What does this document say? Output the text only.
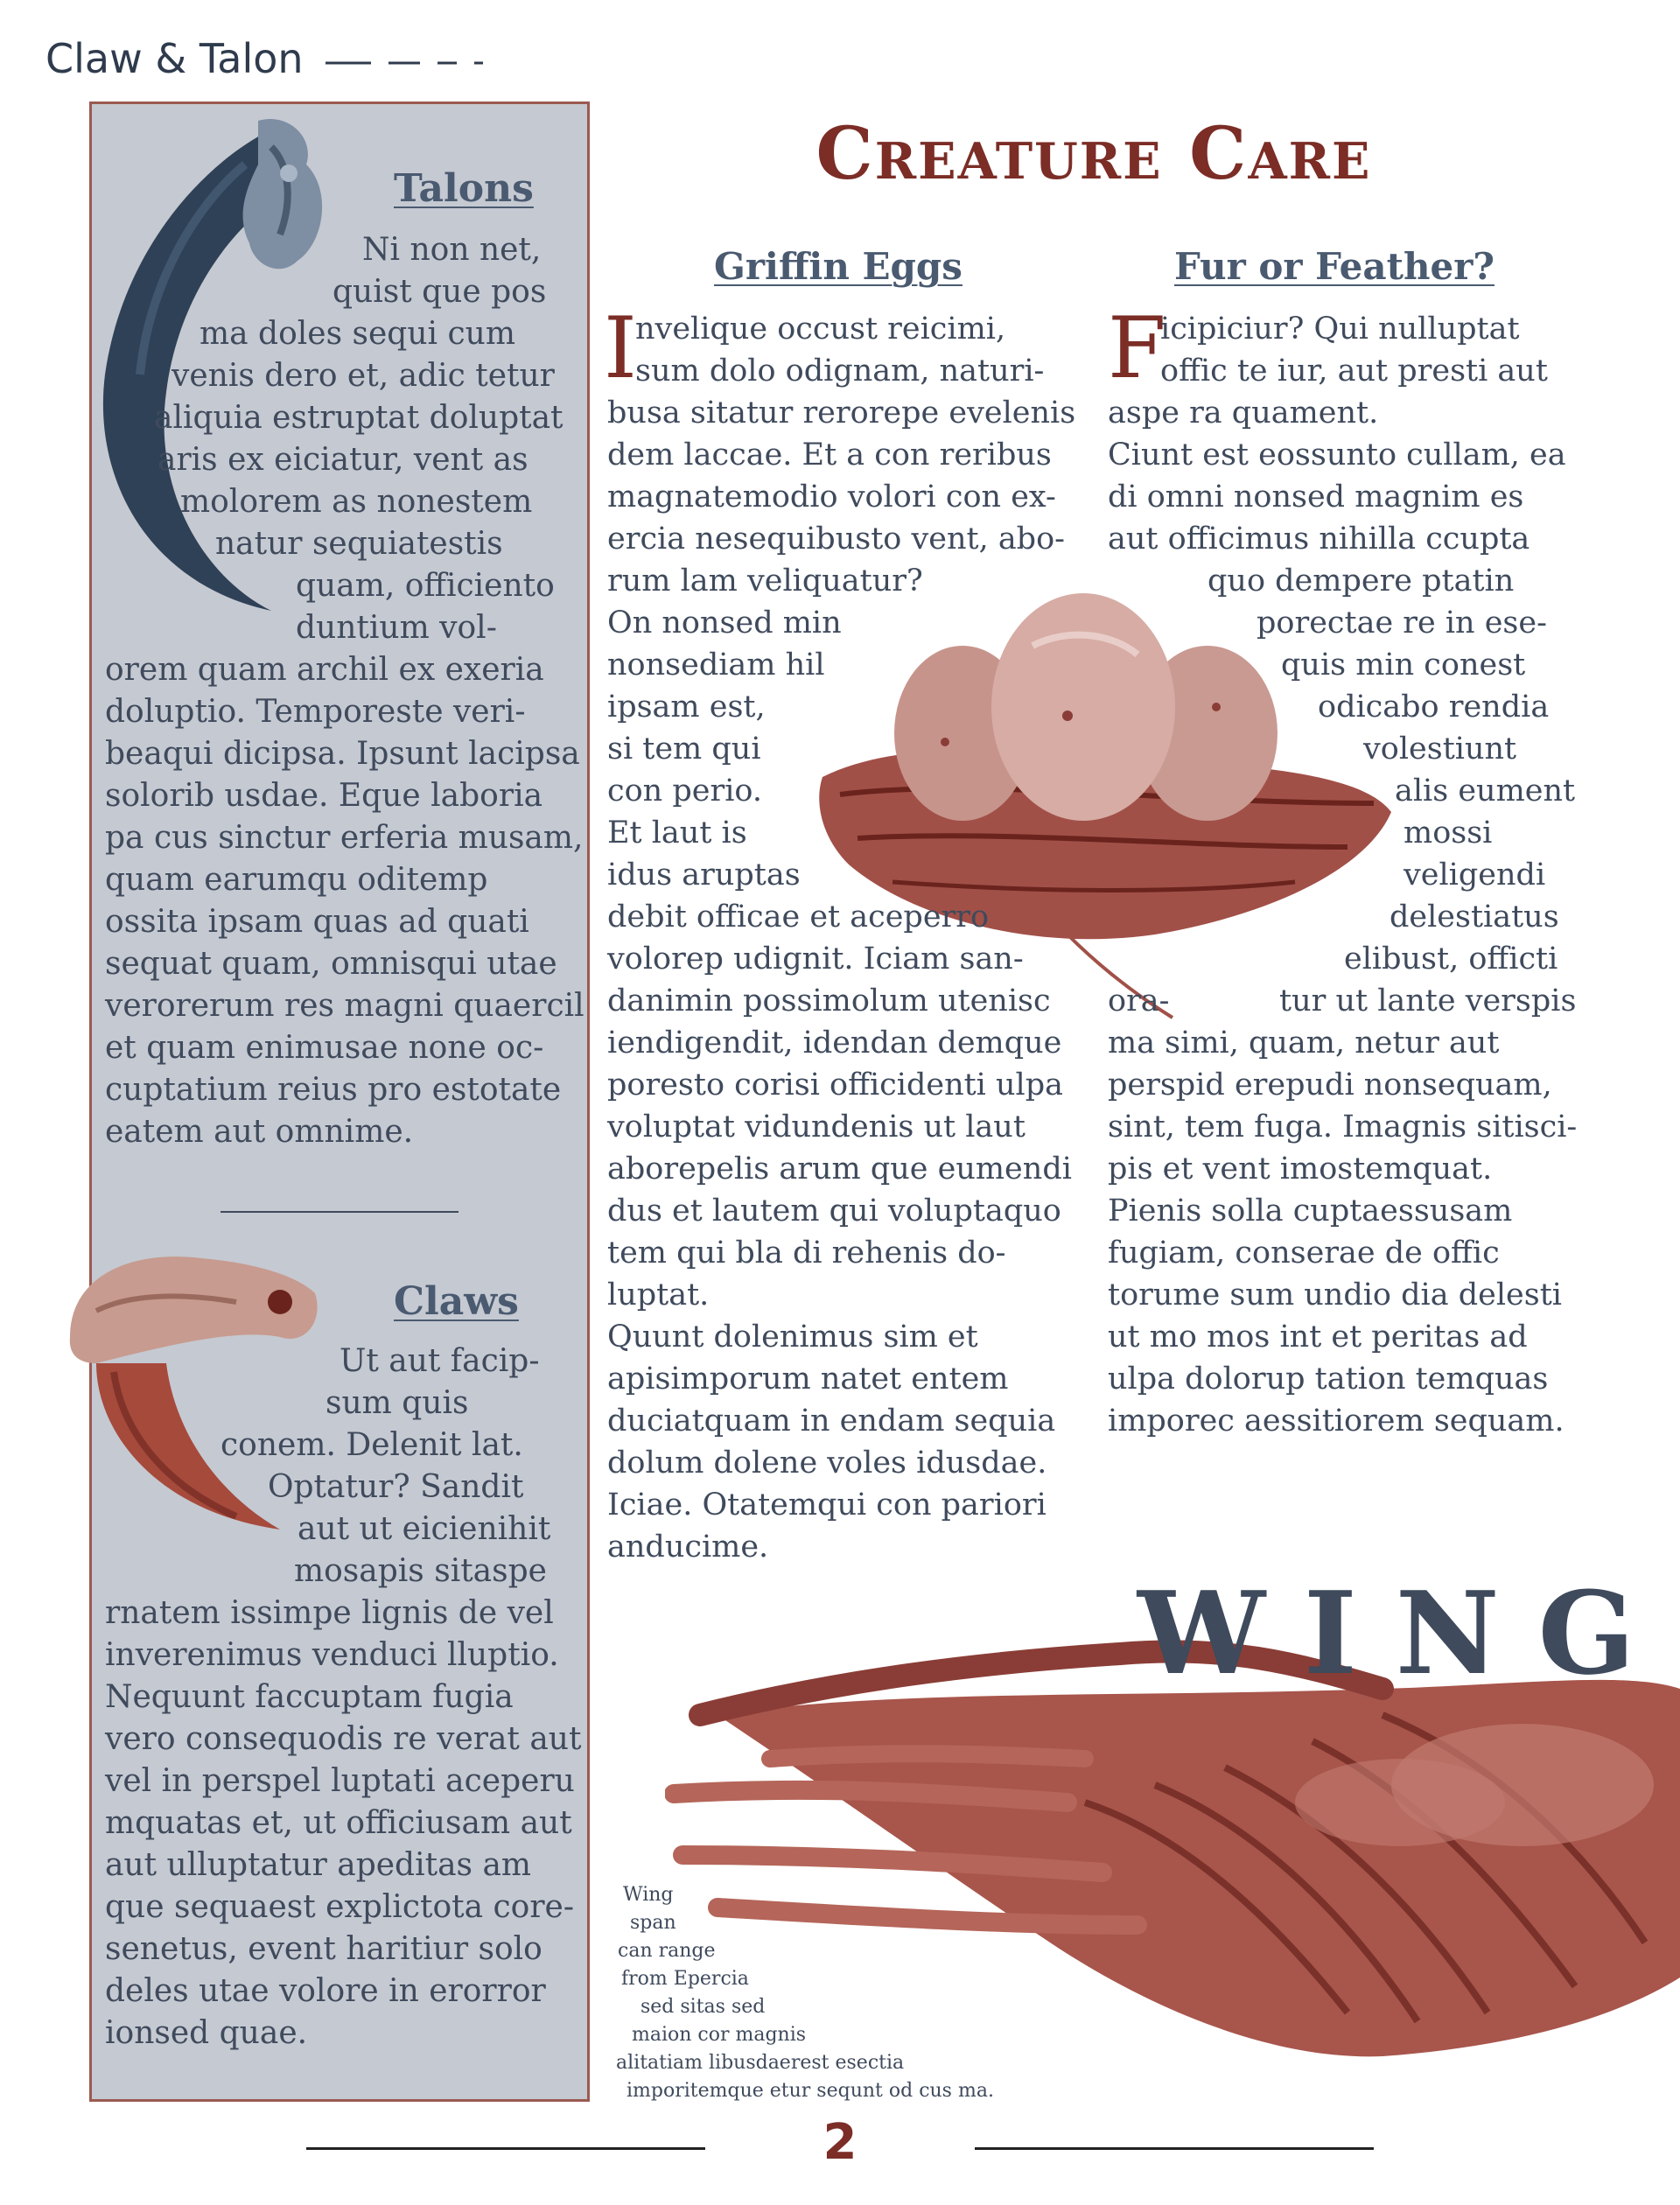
Claw & Talon
Talons
Ni non net,
quist que pos
ma doles sequi cum
venis dero et, adic tetur
aliquia estruptat doluptat
aris ex eiciatur, vent as
molorem as nonestem
natur sequiatestis
quam, officiento
duntium vol-
orem quam archil ex exeria
doluptio. Temporeste veri-
beaqui dicipsa. Ipsunt lacipsa
solorib usdae. Eque laboria
pa cus sinctur erferia musam,
quam earumqu oditemp
ossita ipsam quas ad quati
sequat quam, omnisqui utae
verorerum res magni quaercil
et quam enimusae none oc-
cuptatium reius pro estotate
eatem aut omnime.
Claws
Ut aut facip-
sum quis
conem. Delenit lat.
Optatur? Sandit
aut ut eicienihit
mosapis sitaspe
rnatem issimpe lignis de vel
inverenimus venduci lluptio.
Nequunt faccuptam fugia
vero consequodis re verat aut
vel in perspel luptati aceperu
mquatas et, ut officiusam aut
aut ulluptatur apeditas am
que sequaest explictota core-
senetus, event haritiur solo
deles utae volore in erorror
ionsed quae.
Creature Care
Griffin Eggs
I
nvelique occust reicimi,
sum dolo odignam, naturi-
busa sitatur rerorepe evelenis
dem laccae. Et a con reribus
magnatemodio volori con ex-
ercia nesequibusto vent, abo-
rum lam veliquatur?
On nonsed min
nonsediam hil
ipsam est,
si tem qui
con perio.
Et laut is
idus aruptas
debit officae et aceperro
volorep udignit. Iciam san-
danimin possimolum utenisc
iendigendit, idendan demque
poresto corisi officidenti ulpa
voluptat vidundenis ut laut
aborepelis arum que eumendi
dus et lautem qui voluptaquo
tem qui bla di rehenis do-
luptat.
Quunt dolenimus sim et
apisimporum natet entem
duciatquam in endam sequia
dolum dolene voles idusdae.
Iciae. Otatemqui con pariori
anducime.
Fur or Feather?
F
icipiciur? Qui nulluptat
offic te iur, aut presti aut
aspe ra quament.
Ciunt est eossunto cullam, ea
di omni nonsed magnim es
aut officimus nihilla ccupta
quo dempere ptatin
porectae re in ese-
quis min conest
odicabo rendia
volestiunt
alis eument
mossi
veligendi
delestiatus
elibust, officti
ora-	tur ut lante verspis
ma simi, quam, netur aut
perspid erepudi nonsequam,
sint, tem fuga. Imagnis sitisci-
pis et vent imostemquat.
Pienis solla cuptaessusam
fugiam, conserae de offic
torume sum undio dia delesti
ut mo mos int et peritas ad
ulpa dolorup tation temquas
imporec aessitiorem sequam.
WING
Wing
span
can range
from Epercia
sed sitas sed
maion cor magnis
alitatiam libusdaerest esectia
imporitemque etur sequnt od cus ma.
2
